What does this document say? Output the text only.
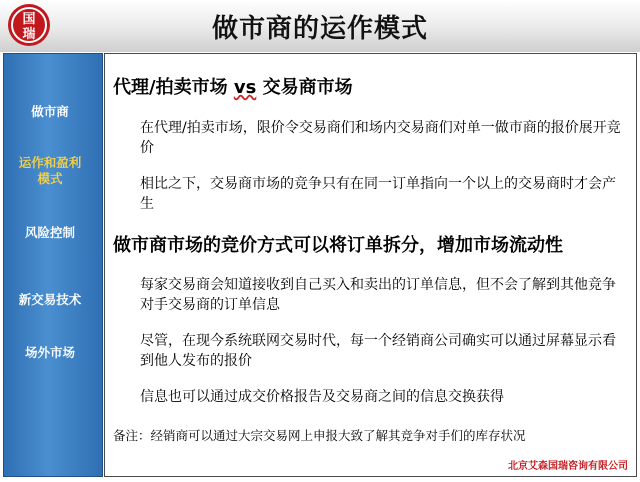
国
瑞	做市商的运作模式
做市商
运作和盈利
模式
风险控制
新交易技术
场外市场
代理/拍卖市场 vs 交易商市场
在代理/拍卖市场，限价令交易商们和场内交易商们对单一做市商的报价展开竞价
相比之下，交易商市场的竞争只有在同一订单指向一个以上的交易商时才会产生
做市商市场的竞价方式可以将订单拆分，增加市场流动性
每家交易商会知道接收到自己买入和卖出的订单信息，但不会了解到其他竞争对手交易商的订单信息
尽管，在现今系统联网交易时代，每一个经销商公司确实可以通过屏幕显示看到他人发布的报价
信息也可以通过成交价格报告及交易商之间的信息交换获得
备注：经销商可以通过大宗交易网上申报大致了解其竞争对手们的库存状况
北京艾森国瑞咨询有限公司
